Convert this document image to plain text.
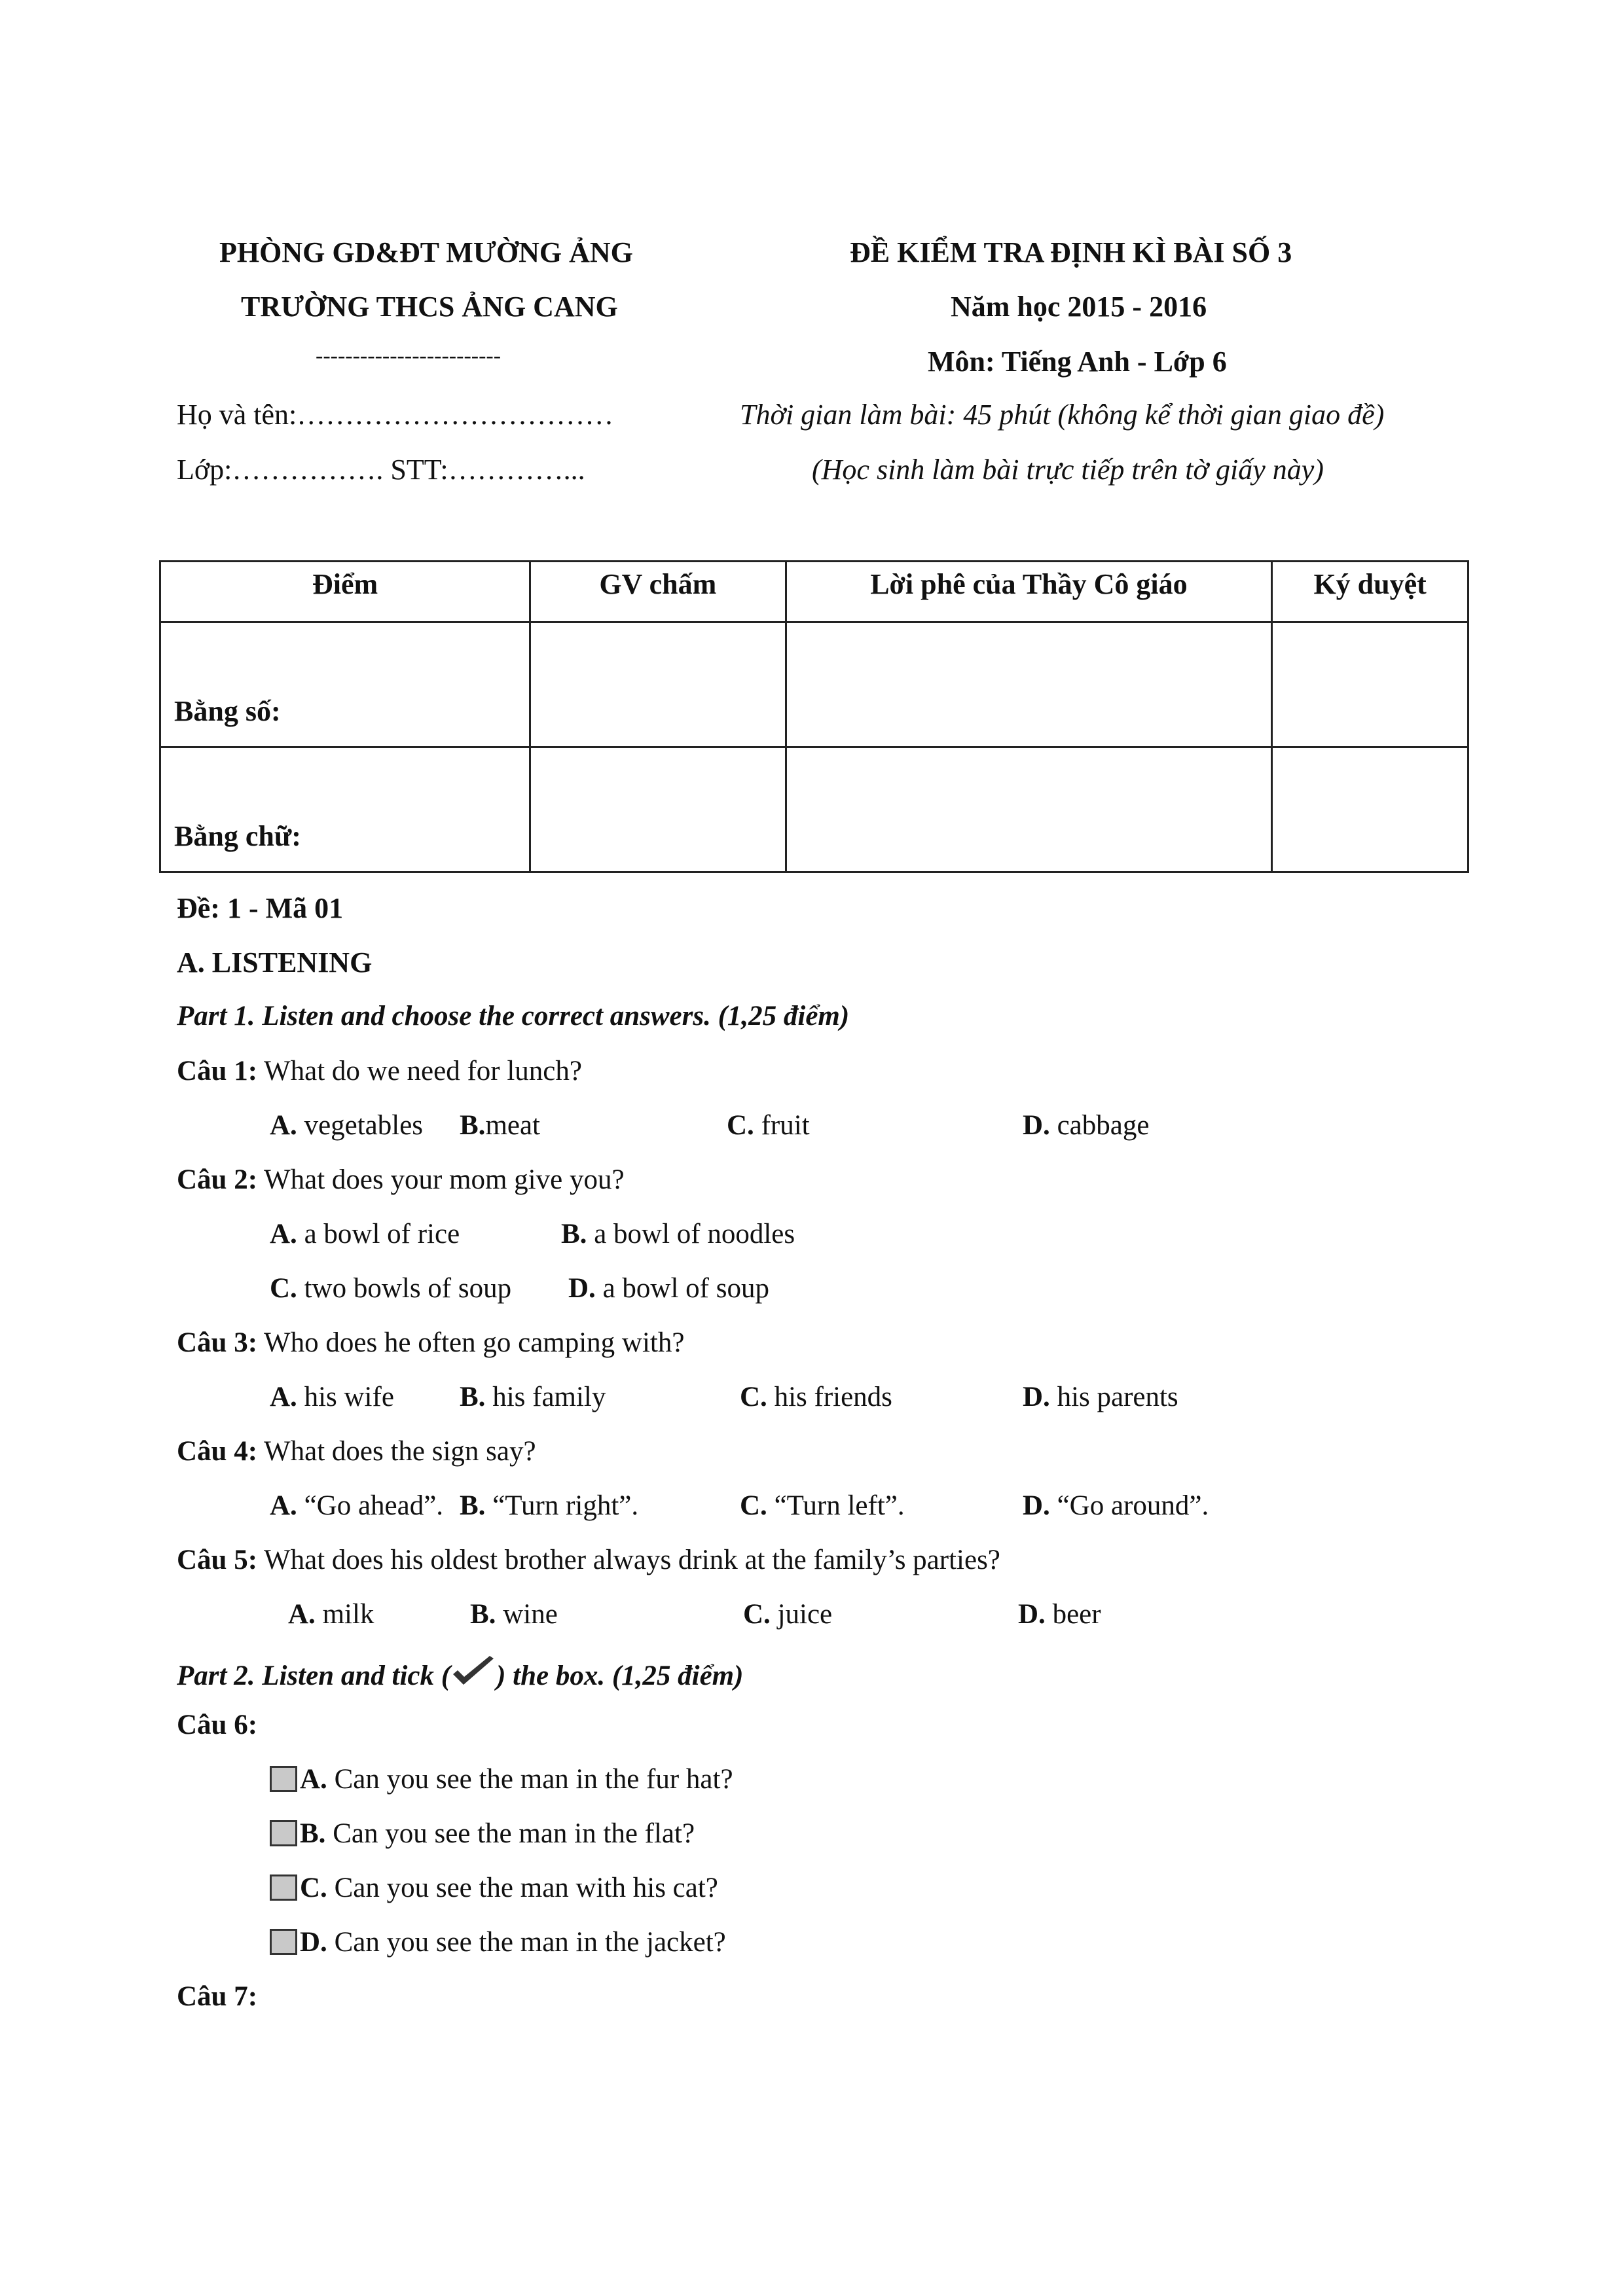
PHÒNG GD&ĐT MƯỜNG ẢNG
TRƯỜNG THCS ẢNG CANG
-------------------------
Họ và tên:……………………………
Lớp:……………. STT:…………...
ĐỀ KIỂM TRA ĐỊNH KÌ BÀI SỐ 3
Năm học 2015 - 2016
Môn: Tiếng Anh - Lớp 6
Thời gian làm bài: 45 phút (không kể thời gian giao đề)
(Học sinh làm bài trực tiếp trên tờ giấy này)
Điểm	GV chấm	Lời phê của Thầy Cô giáo	Ký duyệt
Bằng số:			
Bằng chữ:			
Đề: 1 - Mã 01
A. LISTENING
Part 1. Listen and choose the correct answers. (1,25 điểm)
Câu 1: What do we need for lunch?
A. vegetables B.meat	C. fruit	D. cabbage
Câu 2: What does your mom give you?
A. a bowl of rice	B. a bowl of noodles
C. two bowls of soup D. a bowl of soup
Câu 3: Who does he often go camping with?
A. his wife B. his family	C. his friends	D. his parents
Câu 4: What does the sign say?
A. “Go ahead”. B. “Turn right”.	C. “Turn left”.	D. “Go around”.
Câu 5: What does his oldest brother always drink at the family’s parties?
A. milk	B. wine	C. juice	D. beer
Part 2. Listen and tick ( ) the box. (1,25 điểm)
Câu 6:
A. Can you see the man in the fur hat?
B. Can you see the man in the flat?
C. Can you see the man with his cat?
D. Can you see the man in the jacket?
Câu 7:
